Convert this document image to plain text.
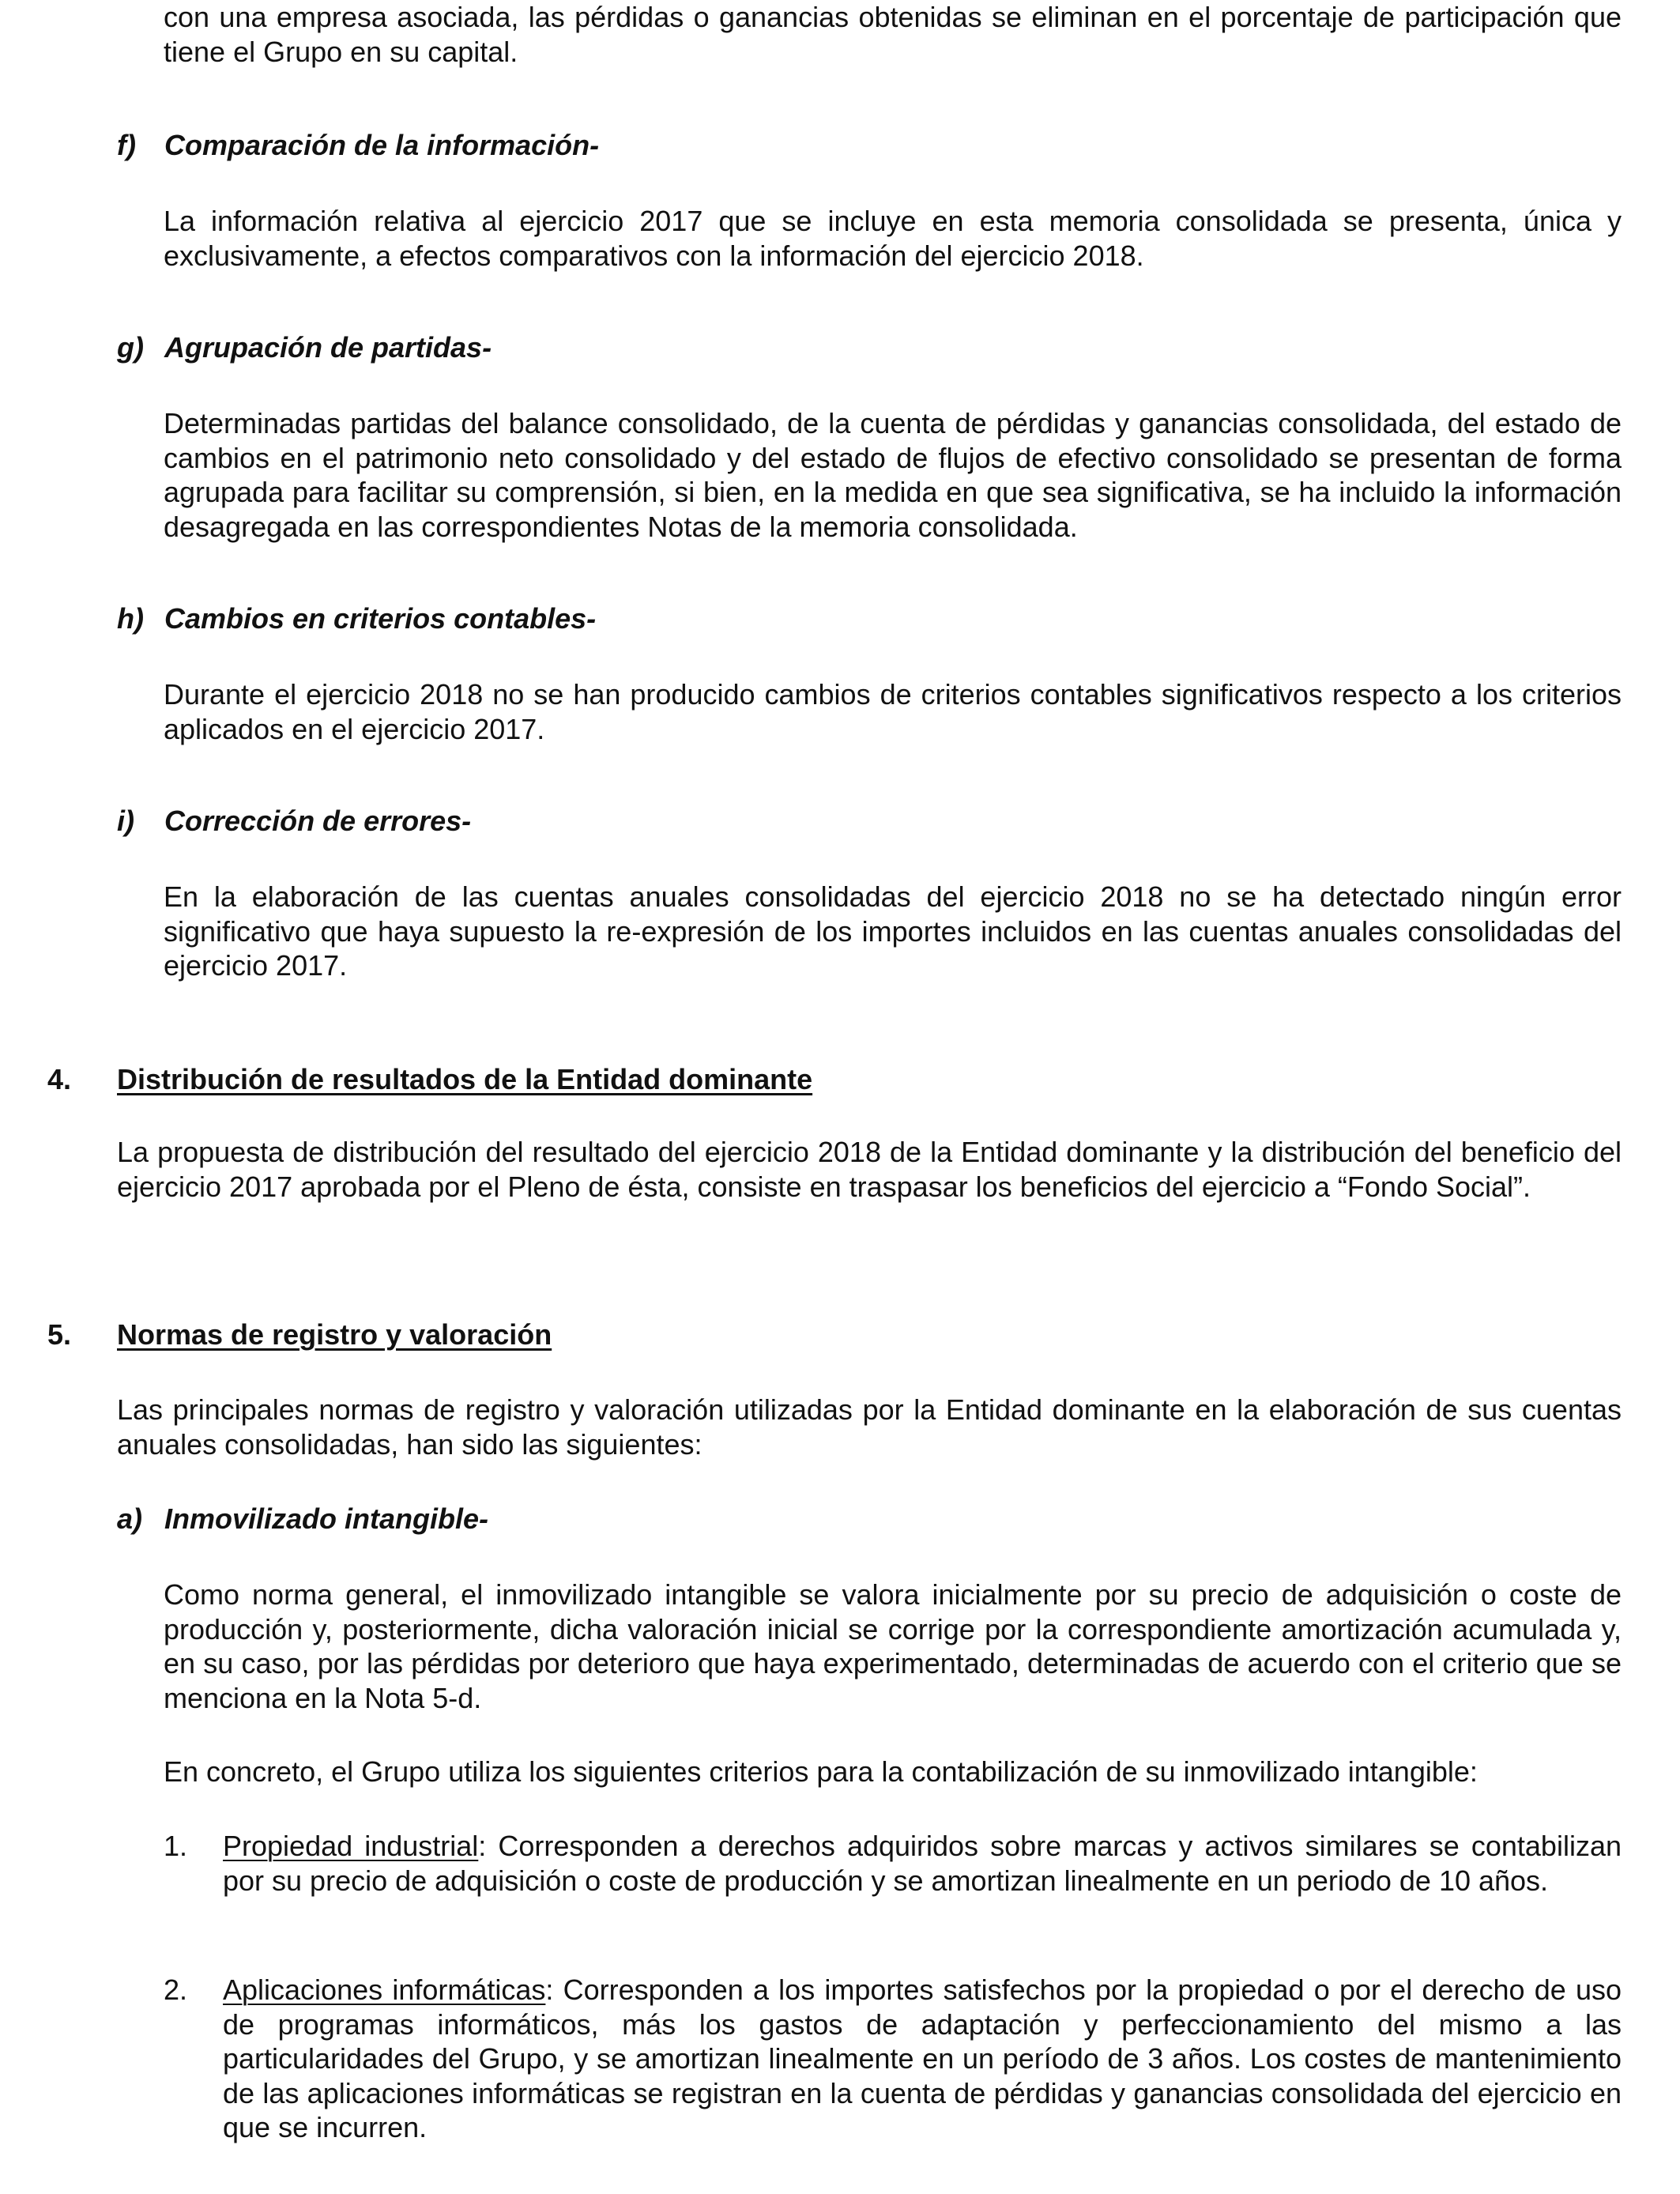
con una empresa asociada, las pérdidas o ganancias obtenidas se eliminan en el porcentaje de participación que tiene el Grupo en su capital.

f) Comparación de la información-

La información relativa al ejercicio 2017 que se incluye en esta memoria consolidada se presenta, única y exclusivamente, a efectos comparativos con la información del ejercicio 2018.

g) Agrupación de partidas-

Determinadas partidas del balance consolidado, de la cuenta de pérdidas y ganancias consolidada, del estado de cambios en el patrimonio neto consolidado y del estado de flujos de efectivo consolidado se presentan de forma agrupada para facilitar su comprensión, si bien, en la medida en que sea significativa, se ha incluido la información desagregada en las correspondientes Notas de la memoria consolidada.

h) Cambios en criterios contables-

Durante el ejercicio 2018 no se han producido cambios de criterios contables significativos respecto a los criterios aplicados en el ejercicio 2017.

i) Corrección de errores-

En la elaboración de las cuentas anuales consolidadas del ejercicio 2018 no se ha detectado ningún error significativo que haya supuesto la re-expresión de los importes incluidos en las cuentas anuales consolidadas del ejercicio 2017.

4. Distribución de resultados de la Entidad dominante

La propuesta de distribución del resultado del ejercicio 2018 de la Entidad dominante y la distribución del beneficio del ejercicio 2017 aprobada por el Pleno de ésta, consiste en traspasar los beneficios del ejercicio a “Fondo Social”.

5. Normas de registro y valoración

Las principales normas de registro y valoración utilizadas por la Entidad dominante en la elaboración de sus cuentas anuales consolidadas, han sido las siguientes:

a) Inmovilizado intangible-

Como norma general, el inmovilizado intangible se valora inicialmente por su precio de adquisición o coste de producción y, posteriormente, dicha valoración inicial se corrige por la correspondiente amortización acumulada y, en su caso, por las pérdidas por deterioro que haya experimentado, determinadas de acuerdo con el criterio que se menciona en la Nota 5-d.

En concreto, el Grupo utiliza los siguientes criterios para la contabilización de su inmovilizado intangible:

1. Propiedad industrial: Corresponden a derechos adquiridos sobre marcas y activos similares se contabilizan por su precio de adquisición o coste de producción y se amortizan linealmente en un periodo de 10 años.

2. Aplicaciones informáticas: Corresponden a los importes satisfechos por la propiedad o por el derecho de uso de programas informáticos, más los gastos de adaptación y perfeccionamiento del mismo a las particularidades del Grupo, y se amortizan linealmente en un período de 3 años. Los costes de mantenimiento de las aplicaciones informáticas se registran en la cuenta de pérdidas y ganancias consolidada del ejercicio en que se incurren.
